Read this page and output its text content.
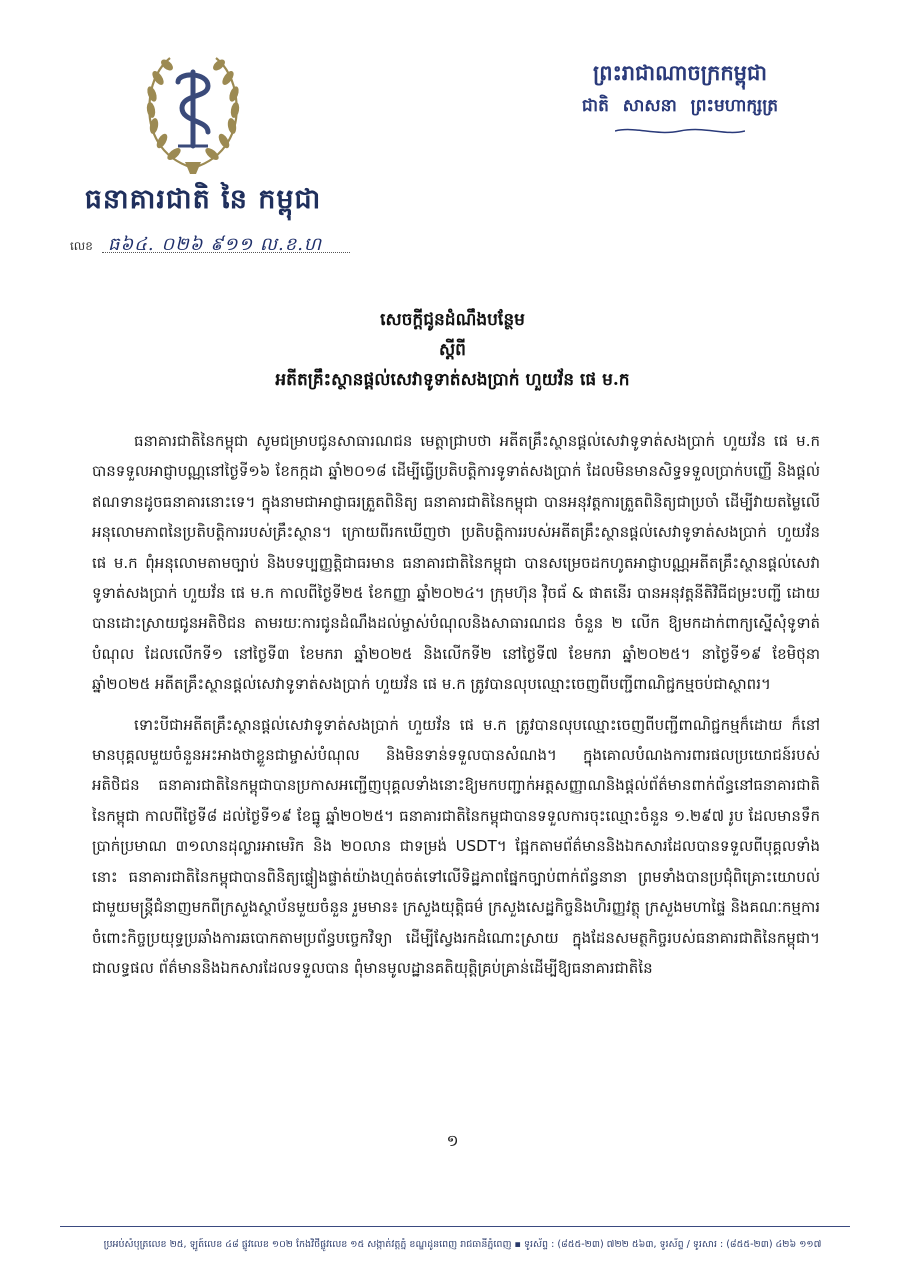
ធនាគារជាតិ នៃ កម្ពុជា
លេខ ធ៦៤. ០២៦ ៩១១ ល.ខ.ហ
ព្រះរាជាណាចក្រកម្ពុជា
ជាតិ សាសនា ព្រះមហាក្សត្រ
សេចក្ដីជូនដំណឹងបន្ថែម
ស្ដីពី
អតីតគ្រឹះស្ថានផ្ដល់សេវាទូទាត់សងប្រាក់ ហួយវ័ន ផេ ម.ក

ធនាគារជាតិនៃកម្ពុជា សូមជម្រាបជូនសាធារណជន មេត្តាជ្រាបថា អតីតគ្រឹះស្ថានផ្ដល់សេវាទូទាត់សងប្រាក់ ហួយវ័ន ផេ ម.ក បានទទួលអាជ្ញាបណ្ណនៅថ្ងៃទី១៦ ខែកក្កដា ឆ្នាំ២០១៨ ដើម្បីធ្វើប្រតិបត្តិការទូទាត់សងប្រាក់ ដែលមិនមានសិទ្ធទទួលប្រាក់បញ្ញើ និងផ្ដល់ឥណទានដូចធនាគារនោះទេ។ ក្នុងនាមជាអាជ្ញាធរត្រួតពិនិត្យ ធនាគារជាតិនៃកម្ពុជា បានអនុវត្តការត្រួតពិនិត្យជាប្រចាំ ដើម្បីវាយតម្លៃលើអនុលោមភាពនៃប្រតិបត្តិការរបស់គ្រឹះស្ថាន។ ក្រោយពីរកឃើញថា ប្រតិបត្តិការរបស់អតីតគ្រឹះស្ថានផ្ដល់សេវាទូទាត់សងប្រាក់ ហួយវ័ន ផេ ម.ក ពុំអនុលោមតាមច្បាប់ និងបទប្បញ្ញត្តិជាធរមាន ធនាគារជាតិនៃកម្ពុជា បានសម្រេចដកហូតអាជ្ញាបណ្ណអតីតគ្រឹះស្ថានផ្ដល់សេវាទូទាត់សងប្រាក់ ហួយវ័ន ផេ ម.ក កាលពីថ្ងៃទី២៥ ខែកញ្ញា ឆ្នាំ២០២៤។ ក្រុមហ៊ុន វ៉ិចធ័ & ផាតនើរ បានអនុវត្តនីតិវិធីជម្រះបញ្ជី ដោយបានដោះស្រាយជូនអតិថិជន តាមរយៈការជូនដំណឹងដល់ម្ចាស់បំណុលនិងសាធារណជន ចំនួន ២ លើក ឱ្យមកដាក់ពាក្យស្នើសុំទូទាត់បំណុល ដែលលើកទី១ នៅថ្ងៃទី៣ ខែមករា ឆ្នាំ២០២៥ និងលើកទី២ នៅថ្ងៃទី៧ ខែមករា ឆ្នាំ២០២៥។ នាថ្ងៃទី១៩ ខែមិថុនា ឆ្នាំ២០២៥ អតីតគ្រឹះស្ថានផ្ដល់សេវាទូទាត់សងប្រាក់ ហួយវ័ន ផេ ម.ក ត្រូវបានលុបឈ្មោះចេញពីបញ្ជីពាណិជ្ជកម្មចប់ជាស្ថាពរ។

ទោះបីជាអតីតគ្រឹះស្ថានផ្ដល់សេវាទូទាត់សងប្រាក់ ហួយវ័ន ផេ ម.ក ត្រូវបានលុបឈ្មោះចេញពីបញ្ជីពាណិជ្ជកម្មក៏ដោយ ក៏នៅមានបុគ្គលមួយចំនួនអះអាងថាខ្លួនជាម្ចាស់បំណុល និងមិនទាន់ទទួលបានសំណង។ ក្នុងគោលបំណងការពារផលប្រយោជន៍របស់អតិថិជន ធនាគារជាតិនៃកម្ពុជាបានប្រកាសអញ្ជើញបុគ្គលទាំងនោះឱ្យមកបញ្ជាក់អត្តសញ្ញាណនិងផ្ដល់ព័ត៌មានពាក់ព័ន្ធនៅធនាគារជាតិនៃកម្ពុជា កាលពីថ្ងៃទី៨ ដល់ថ្ងៃទី១៩ ខែធ្នូ ឆ្នាំ២០២៥។ ធនាគារជាតិនៃកម្ពុជាបានទទួលការចុះឈ្មោះចំនួន ១.២៩៧ រូប ដែលមានទឹកប្រាក់ប្រមាណ ៣១លានដុល្លារអាមេរិក និង ២០លាន ជាទម្រង់ USDT។ ផ្អែកតាមព័ត៌មាននិងឯកសារដែលបានទទួលពីបុគ្គលទាំងនោះ ធនាគារជាតិនៃកម្ពុជាបានពិនិត្យផ្ទៀងផ្ទាត់យ៉ាងហ្មត់ចត់ទៅលើទិដ្ឋភាពផ្នែកច្បាប់ពាក់ព័ន្ធនានា ព្រមទាំងបានប្រជុំពិគ្រោះយោបល់ជាមួយមន្ត្រីជំនាញមកពីក្រសួងស្ថាប័នមួយចំនួន រួមមាន៖ ក្រសួងយុត្តិធម៌ ក្រសួងសេដ្ឋកិច្ចនិងហិរញ្ញវត្ថុ ក្រសួងមហាផ្ទៃ និងគណៈកម្មការចំពោះកិច្ចប្រយុទ្ធប្រឆាំងការឆបោកតាមប្រព័ន្ធបច្ចេកវិទ្យា ដើម្បីស្វែងរកដំណោះស្រាយ ក្នុងដែនសមត្ថកិច្ចរបស់ធនាគារជាតិនៃកម្ពុជា។ ជាលទ្ធផល ព័ត៌មាននិងឯកសារដែលទទួលបាន ពុំមានមូលដ្ឋានគតិយុត្តិគ្រប់គ្រាន់ដើម្បីឱ្យធនាគារជាតិនៃ

១
ប្រអប់សំបុត្រលេខ ២៥, ឡូត៍លេខ ៤៨ ផ្លូវលេខ ១០២ កែងវិថីផ្លូវលេខ ១៥ សង្កាត់វត្តភ្នំ ខណ្ឌដូនពេញ រាជធានីភ្នំពេញ ▪ ទូរស័ព្ទ : (៨៥៥-២៣) ៧២២ ៥៦៣, ទូរស័ព្ទ / ទូរសារ : (៨៥៥-២៣) ៤២៦ ១១៧
